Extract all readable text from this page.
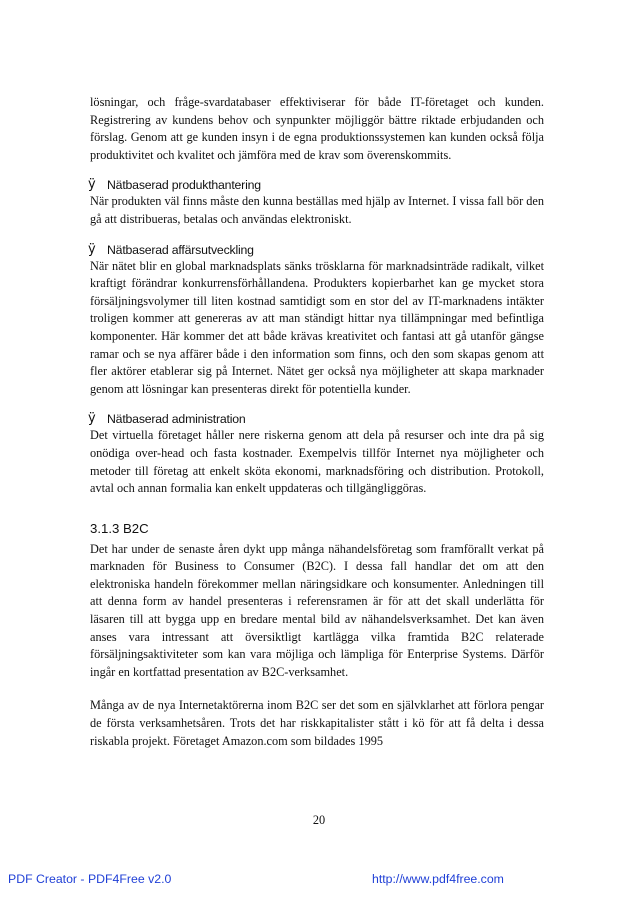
lösningar, och fråge-svardatabaser effektiviserar för både IT-företaget och kunden. Registrering av kundens behov och synpunkter möjliggör bättre riktade erbjudanden och förslag. Genom att ge kunden insyn i de egna produktionssystemen kan kunden också följa produktivitet och kvalitet och jämföra med de krav som överenskommits.

ÿ Nätbaserad produkthantering

När produkten väl finns måste den kunna beställas med hjälp av Internet. I vissa fall bör den gå att distribueras, betalas och användas elektroniskt.

ÿ Nätbaserad affärsutveckling

När nätet blir en global marknadsplats sänks trösklarna för marknadsinträde radikalt, vilket kraftigt förändrar konkurrensförhållandena. Produkters kopierbarhet kan ge mycket stora försäljningsvolymer till liten kostnad samtidigt som en stor del av IT-marknadens intäkter troligen kommer att genereras av att man ständigt hittar nya tillämpningar med befintliga komponenter. Här kommer det att både krävas kreativitet och fantasi att gå utanför gängse ramar och se nya affärer både i den information som finns, och den som skapas genom att fler aktörer etablerar sig på Internet. Nätet ger också nya möjligheter att skapa marknader genom att lösningar kan presenteras direkt för potentiella kunder.

ÿ Nätbaserad administration

Det virtuella företaget håller nere riskerna genom att dela på resurser och inte dra på sig onödiga over-head och fasta kostnader. Exempelvis tillför Internet nya möjligheter och metoder till företag att enkelt sköta ekonomi, marknadsföring och distribution. Protokoll, avtal och annan formalia kan enkelt uppdateras och tillgängliggöras.

3.1.3 B2C

Det har under de senaste åren dykt upp många nähandelsföretag som framförallt verkat på marknaden för Business to Consumer (B2C). I dessa fall handlar det om att den elektroniska handeln förekommer mellan näringsidkare och konsumenter. Anledningen till att denna form av handel presenteras i referensramen är för att det skall underlätta för läsaren till att bygga upp en bredare mental bild av nähandelsverksamhet. Det kan även anses vara intressant att översiktligt kartlägga vilka framtida B2C relaterade försäljningsaktiviteter som kan vara möjliga och lämpliga för Enterprise Systems. Därför ingår en kortfattad presentation av B2C-verksamhet.

Många av de nya Internetaktörerna inom B2C ser det som en självklarhet att förlora pengar de första verksamhetsåren. Trots det har riskkapitalister stått i kö för att få delta i dessa riskabla projekt. Företaget Amazon.com som bildades 1995

20
PDF Creator - PDF4Free v2.0	http://www.pdf4free.com
